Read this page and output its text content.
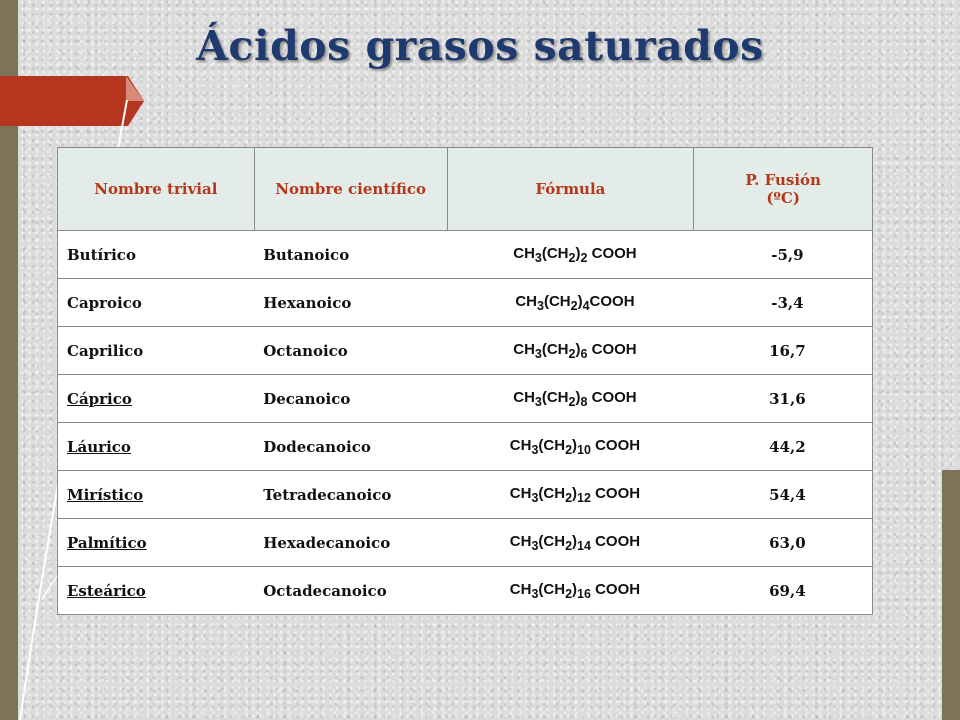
Ácidos grasos saturados
Nombre trivial	Nombre científico	Fórmula	P. Fusión
(ºC)
Butírico	Butanoico	$CH_3(CH_2)_2$ COOH	-5,9
Caproico	Hexanoico	$CH_3(CH_2)_4COOH$	-3,4
Caprilico	Octanoico	$CH_3(CH_2)_6$ COOH	16,7
Cáprico	Decanoico	$CH_3(CH_2)_8$ COOH	31,6
Láurico	Dodecanoico	$CH_3(CH_2)_{10}$ COOH	44,2
Mirístico	Tetradecanoico	$CH_3(CH_2)_{12}$ COOH	54,4
Palmítico	Hexadecanoico	$CH_3(CH_2)_{14}$ COOH	63,0
Esteárico	Octadecanoico	$CH_3(CH_2)_{16}$ COOH	69,4
